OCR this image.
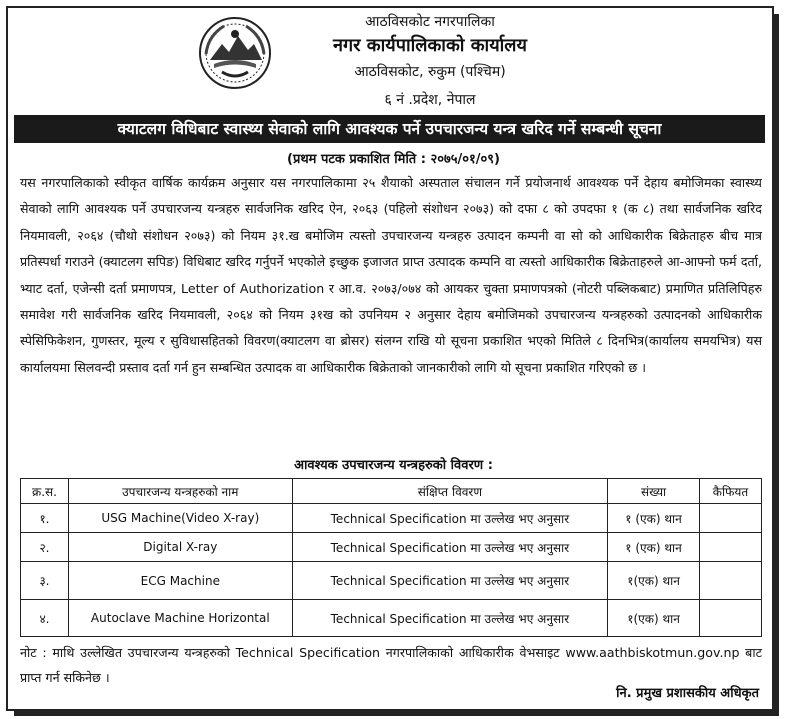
आठविसकोट नगरपालिका
नगर कार्यपालिकाको कार्यालय
आठविसकोट, रुकुम (पश्चिम)
६ नं .प्रदेश, नेपाल
क्याटलग विधिबाट स्वास्थ्य सेवाको लागि आवश्यक पर्ने उपचारजन्य यन्त्र खरिद गर्ने सम्बन्धी सूचना
(प्रथम पटक प्रकाशित मिति : २०७५/०१/०९)
यस नगरपालिकाको स्वीकृत वार्षिक कार्यक्रम अनुसार यस नगरपालिकामा २५ शैयाको अस्पताल संचालन गर्ने प्रयोजनार्थ आवश्यक पर्ने देहाय बमोजिमका स्वास्थ्य सेवाको लागि आवश्यक पर्ने उपचारजन्य यन्त्रहरु सार्वजनिक खरिद ऐन, २०६३ (पहिलो संशोधन २०७३) को दफा ८ को उपदफा १ (क ८) तथा सार्वजनिक खरिद नियमावली, २०६४ (चौथो संशोधन २०७३) को नियम ३१.ख बमोजिम त्यस्तो उपचारजन्य यन्त्रहरु उत्पादन कम्पनी वा सो को आधिकारीक बिक्रेताहरु बीच मात्र प्रतिस्पर्धा गराउने (क्याटलग सपिङ) विधिबाट खरिद गर्नुपर्ने भएकोले इच्छुक इजाजत प्राप्त उत्पादक कम्पनि वा त्यस्तो आधिकारीक बिक्रेताहरुले आ-आफ्नो फर्म दर्ता, भ्याट दर्ता, एजेन्सी दर्ता प्रमाणपत्र, Letter of Authorization र आ.व. २०७३/०७४ को आयकर चुक्ता प्रमाणपत्रको (नोटरी पब्लिकबाट) प्रमाणित प्रतिलिपिहरु समावेश गरी सार्वजनिक खरिद नियमावली, २०६४ को नियम ३१ख को उपनियम २ अनुसार देहाय बमोजिमको उपचारजन्य यन्त्रहरुको उत्पादनको आधिकारीक स्पेसिफिकेशन, गुणस्तर, मूल्य र सुविधासहितको विवरण(क्याटलग वा ब्रोसर) संलग्न राखि यो सूचना प्रकाशित भएको मितिले ८ दिनभित्र(कार्यालय समयभित्र) यस कार्यालयमा सिलवन्दी प्रस्ताव दर्ता गर्न हुन सम्बन्धित उत्पादक वा आधिकारीक बिक्रेताको जानकारीको लागि यो सूचना प्रकाशित गरिएको छ ।
आवश्यक उपचारजन्य यन्त्रहरुको विवरण :
क्र.स.	उपचारजन्य यन्त्रहरुको नाम	संक्षिप्त विवरण	संख्या	कैफियत
१.	USG Machine(Video X-ray)	Technical Specification मा उल्लेख भए अनुसार	१ (एक) थान	
२.	Digital X-ray	Technical Specification मा उल्लेख भए अनुसार	१ (एक) थान	
३.	ECG Machine	Technical Specification मा उल्लेख भए अनुसार	१(एक) थान	
४.	Autoclave Machine Horizontal	Technical Specification मा उल्लेख भए अनुसार	१(एक) थान	
नोट : माथि उल्लेखित उपचारजन्य यन्त्रहरुको Technical Specification नगरपालिकाको आधिकारीक वेभसाइट www.aathbiskotmun.gov.np बाट प्राप्त गर्न सकिनेछ ।
नि. प्रमुख प्रशासकीय अधिकृत
